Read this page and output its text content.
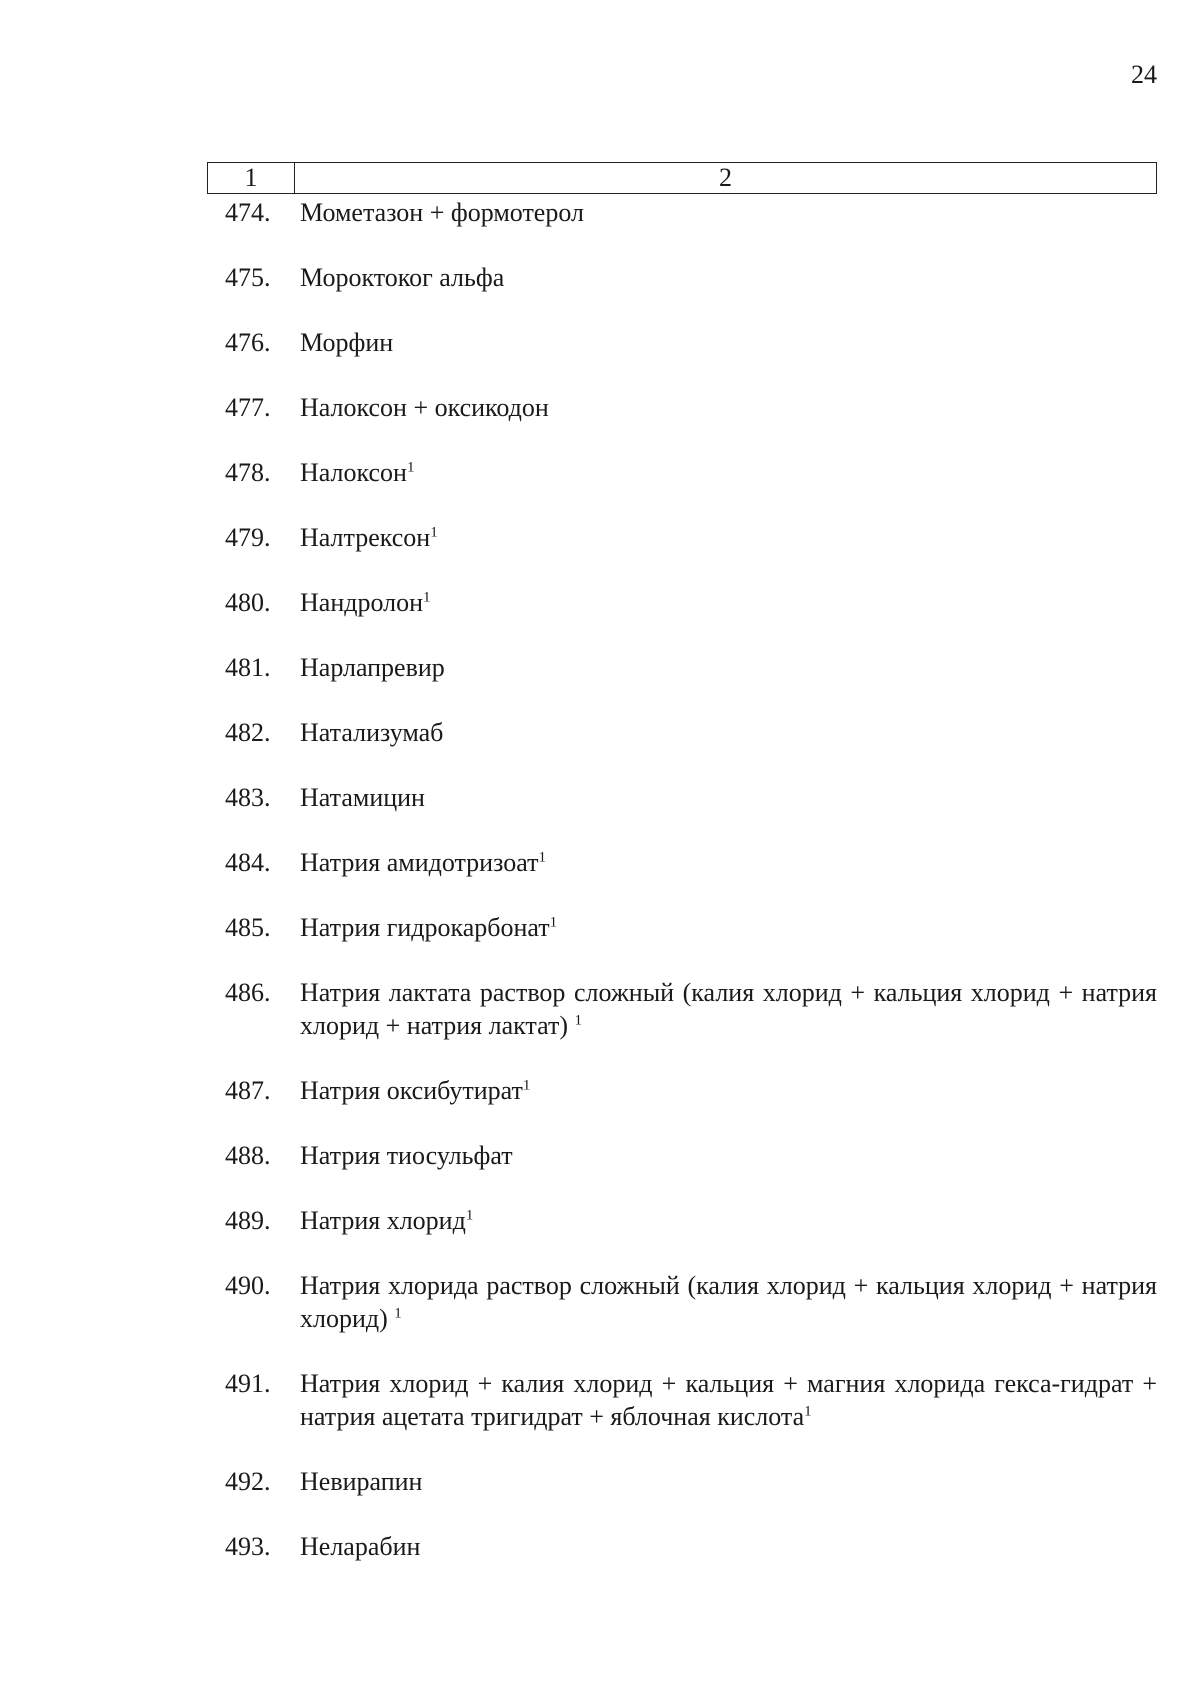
24
1	2
474.	Мометазон + формотерол
475.	Мороктоког альфа
476.	Морфин
477.	Налоксон + оксикодон
478.	Налоксон$^1$
479.	Налтрексон$^1$
480.	Нандролон$^1$
481.	Нарлапревир
482.	Натализумаб
483.	Натамицин
484.	Натрия амидотризоат$^1$
485.	Натрия гидрокарбонат$^1$
486.	Натрия лактата раствор сложный (калия хлорид + кальция хлорид + натрия хлорид + натрия лактат) $^1$
487.	Натрия оксибутират$^1$
488.	Натрия тиосульфат
489.	Натрия хлорид$^1$
490.	Натрия хлорида раствор сложный (калия хлорид + кальция хлорид + натрия хлорид) $^1$
491.	Натрия хлорид + калия хлорид + кальция + магния хлорида гекса-гидрат + натрия ацетата тригидрат + яблочная кислота$^1$
492.	Невирапин
493.	Неларабин
